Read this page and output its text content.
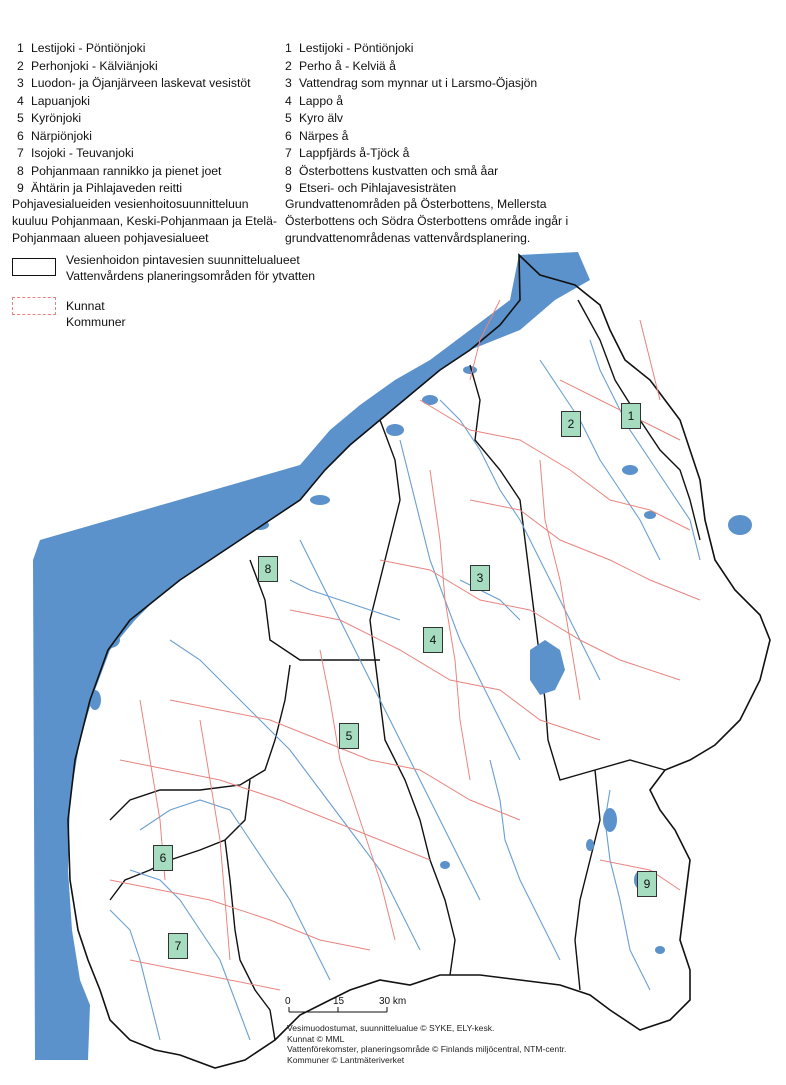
1 Lestijoki - Pöntiönjoki
2 Perhonjoki - Kälviänjoki
3 Luodon- ja Öjanjärveen laskevat vesistöt
4 Lapuanjoki
5 Kyrönjoki
6 Närpiönjoki
7 Isojoki - Teuvanjoki
8 Pohjanmaan rannikko ja pienet joet
9 Ähtärin ja Pihlajaveden reitti
1 Lestijoki - Pöntiönjoki
2 Perho å - Kelviä å
3 Vattendrag som mynnar ut i Larsmo-Öjasjön
4 Lappo å
5 Kyro älv
6 Närpes å
7 Lappfjärds å-Tjöck å
8 Österbottens kustvatten och små åar
9 Etseri- och Pihlajavesisträten
Pohjavesialueiden vesienhoitosuunnitteluun kuuluu Pohjanmaan, Keski-Pohjanmaan ja Etelä-Pohjanmaan alueen pohjavesialueet
Grundvattenområden på Österbottens, Mellersta Österbottens och Södra Österbottens område ingår i grundvattenområdenas vattenvårdsplanering.
Vesienhoidon pintavesien suunnittelualueet
Vattenvårdens planeringsområden för ytvatten
Kunnat
Kommuner
1
2
3
4
5
6
7
8
9
0	15	30 km
Vesimuodostumat, suunnittelualue © SYKE, ELY-kesk.
Kunnat © MML
Vattenförekomster, planeringsområde © Finlands miljöcentral, NTM-centr.
Kommuner © Lantmäteriverket
